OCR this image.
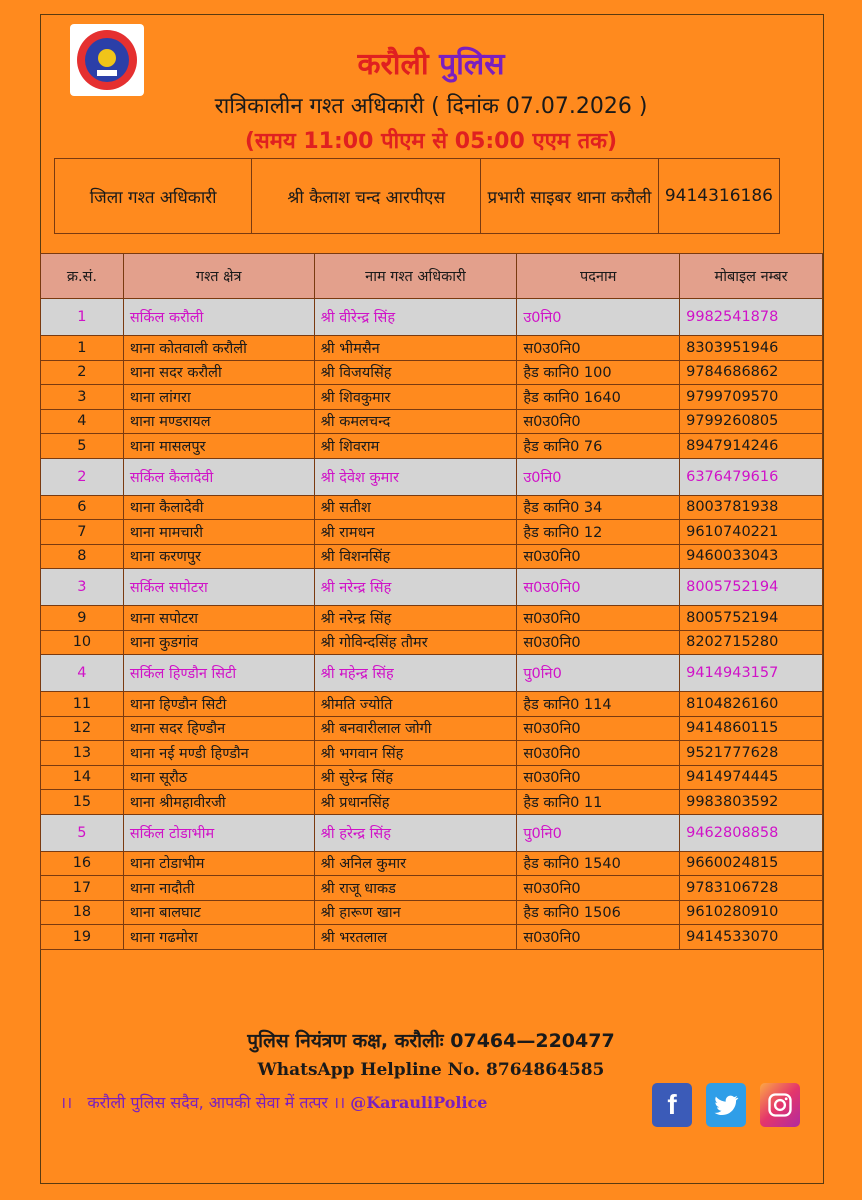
करौली पुलिस
रात्रिकालीन गश्त अधिकारी ( दिनांक 07.07.2026 )
(समय 11:00 पीएम से 05:00 एएम तक)
जिला गश्त अधिकारी	श्री कैलाश चन्द आरपीएस	प्रभारी साइबर थाना करौली	9414316186
क्र.सं.	गश्त क्षेत्र	नाम गश्त अधिकारी	पदनाम	मोबाइल नम्बर
1	सर्किल करौली	श्री वीरेन्द्र सिंह	उ0नि0	9982541878
1	थाना कोतवाली करौली	श्री भीमसैन	स0उ0नि0	8303951946
2	थाना सदर करौली	श्री विजयसिंह	हैड कानि0 100	9784686862
3	थाना लांगरा	श्री शिवकुमार	हैड कानि0 1640	9799709570
4	थाना मण्डरायल	श्री कमलचन्द	स0उ0नि0	9799260805
5	थाना मासलपुर	श्री शिवराम	हैड कानि0 76	8947914246
2	सर्किल कैलादेवी	श्री देवेश कुमार	उ0नि0	6376479616
6	थाना कैलादेवी	श्री सतीश	हैड कानि0 34	8003781938
7	थाना मामचारी	श्री रामधन	हैड कानि0 12	9610740221
8	थाना करणपुर	श्री विशनसिंह	स0उ0नि0	9460033043
3	सर्किल सपोटरा	श्री नरेन्द्र सिंह	स0उ0नि0	8005752194
9	थाना सपोटरा	श्री नरेन्द्र सिंह	स0उ0नि0	8005752194
10	थाना कुडगांव	श्री गोविन्दसिंह तौमर	स0उ0नि0	8202715280
4	सर्किल हिण्डौन सिटी	श्री महेन्द्र सिंह	पु0नि0	9414943157
11	थाना हिण्डौन सिटी	श्रीमति ज्योति	हैड कानि0 114	8104826160
12	थाना सदर हिण्डौन	श्री बनवारीलाल जोगी	स0उ0नि0	9414860115
13	थाना नई मण्डी हिण्डौन	श्री भगवान सिंह	स0उ0नि0	9521777628
14	थाना सूरौठ	श्री सुरेन्द्र सिंह	स0उ0नि0	9414974445
15	थाना श्रीमहावीरजी	श्री प्रधानसिंह	हैड कानि0 11	9983803592
5	सर्किल टोडाभीम	श्री हरेन्द्र सिंह	पु0नि0	9462808858
16	थाना टोडाभीम	श्री अनिल कुमार	हैड कानि0 1540	9660024815
17	थाना नादौती	श्री राजू धाकड	स0उ0नि0	9783106728
18	थाना बालघाट	श्री हारूण खान	हैड कानि0 1506	9610280910
19	थाना गढमोरा	श्री भरतलाल	स0उ0नि0	9414533070
पुलिस नियंत्रण कक्ष, करौलीः 07464—220477
WhatsApp Helpline No. 8764864585
।।   करौली पुलिस सदैव, आपकी सेवा में तत्पर ।। @KarauliPolice	f
